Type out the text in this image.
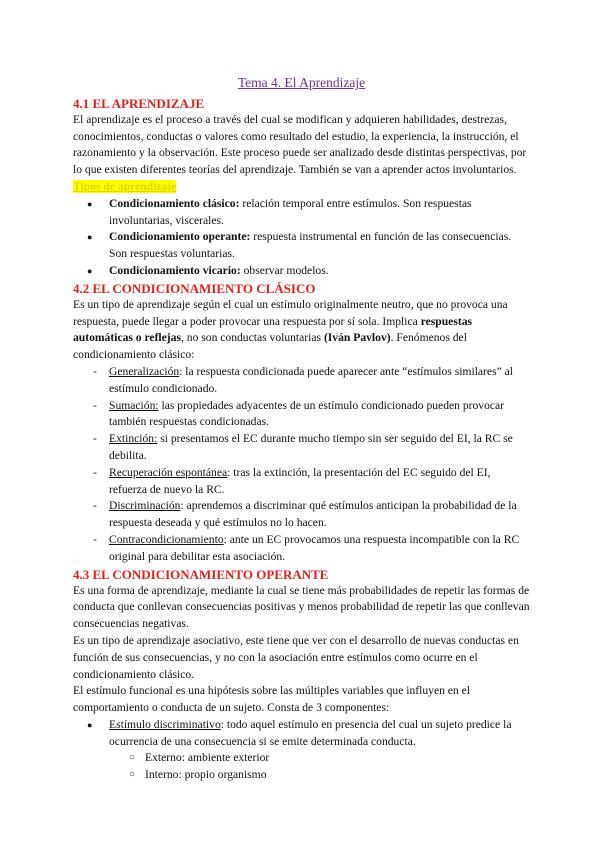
Tema 4. El Aprendizaje
4.1 EL APRENDIZAJE

El aprendizaje es el proceso a través del cual se modifican y adquieren habilidades, destrezas, conocimientos, conductas o valores como resultado del estudio, la experiencia, la instrucción, el razonamiento y la observación. Este proceso puede ser analizado desde distintas perspectivas, por lo que existen diferentes teorías del aprendizaje. También se van a aprender actos involuntarios.

Tipos de aprendizaje

● Condicionamiento clásico: relación temporal entre estímulos. Son respuestas involuntarias, viscerales.
● Condicionamiento operante: respuesta instrumental en función de las consecuencias. Son respuestas voluntarias.
● Condicionamiento vicario: observar modelos.
4.2 EL CONDICIONAMIENTO CLÁSICO

Es un tipo de aprendizaje según el cual un estímulo originalmente neutro, que no provoca una respuesta, puede llegar a poder provocar una respuesta por sí sola. Implica respuestas automáticas o reflejas, no son conductas voluntarias (Iván Pavlov). Fenómenos del condicionamiento clásico:

- Generalización: la respuesta condicionada puede aparecer ante “estímulos similares” al estímulo condicionado.
- Sumación: las propiedades adyacentes de un estímulo condicionado pueden provocar también respuestas condicionadas.
- Extinción: si presentamos el EC durante mucho tiempo sin ser seguido del EI, la RC se debilita.
- Recuperación espontánea: tras la extinción, la presentación del EC seguido del EI, refuerza de nuevo la RC.
- Discriminación: aprendemos a discriminar qué estímulos anticipan la probabilidad de la respuesta deseada y qué estímulos no lo hacen.
- Contracondicionamiento: ante un EC provocamos una respuesta incompatible con la RC original para debilitar esta asociación.
4.3 EL CONDICIONAMIENTO OPERANTE

Es una forma de aprendizaje, mediante la cual se tiene más probabilidades de repetir las formas de conducta que conllevan consecuencias positivas y menos probabilidad de repetir las que conllevan consecuencias negativas.

Es un tipo de aprendizaje asociativo, este tiene que ver con el desarrollo de nuevas conductas en función de sus consecuencias, y no con la asociación entre estímulos como ocurre en el condicionamiento clásico.

El estímulo funcional es una hipótesis sobre las múltiples variables que influyen en el comportamiento o conducta de un sujeto. Consta de 3 componentes:

● Estímulo discriminativo: todo aquel estímulo en presencia del cual un sujeto predice la ocurrencia de una consecuencia si se emite determinada conducta.
○ Externo: ambiente exterior
○ Interno: propio organismo
